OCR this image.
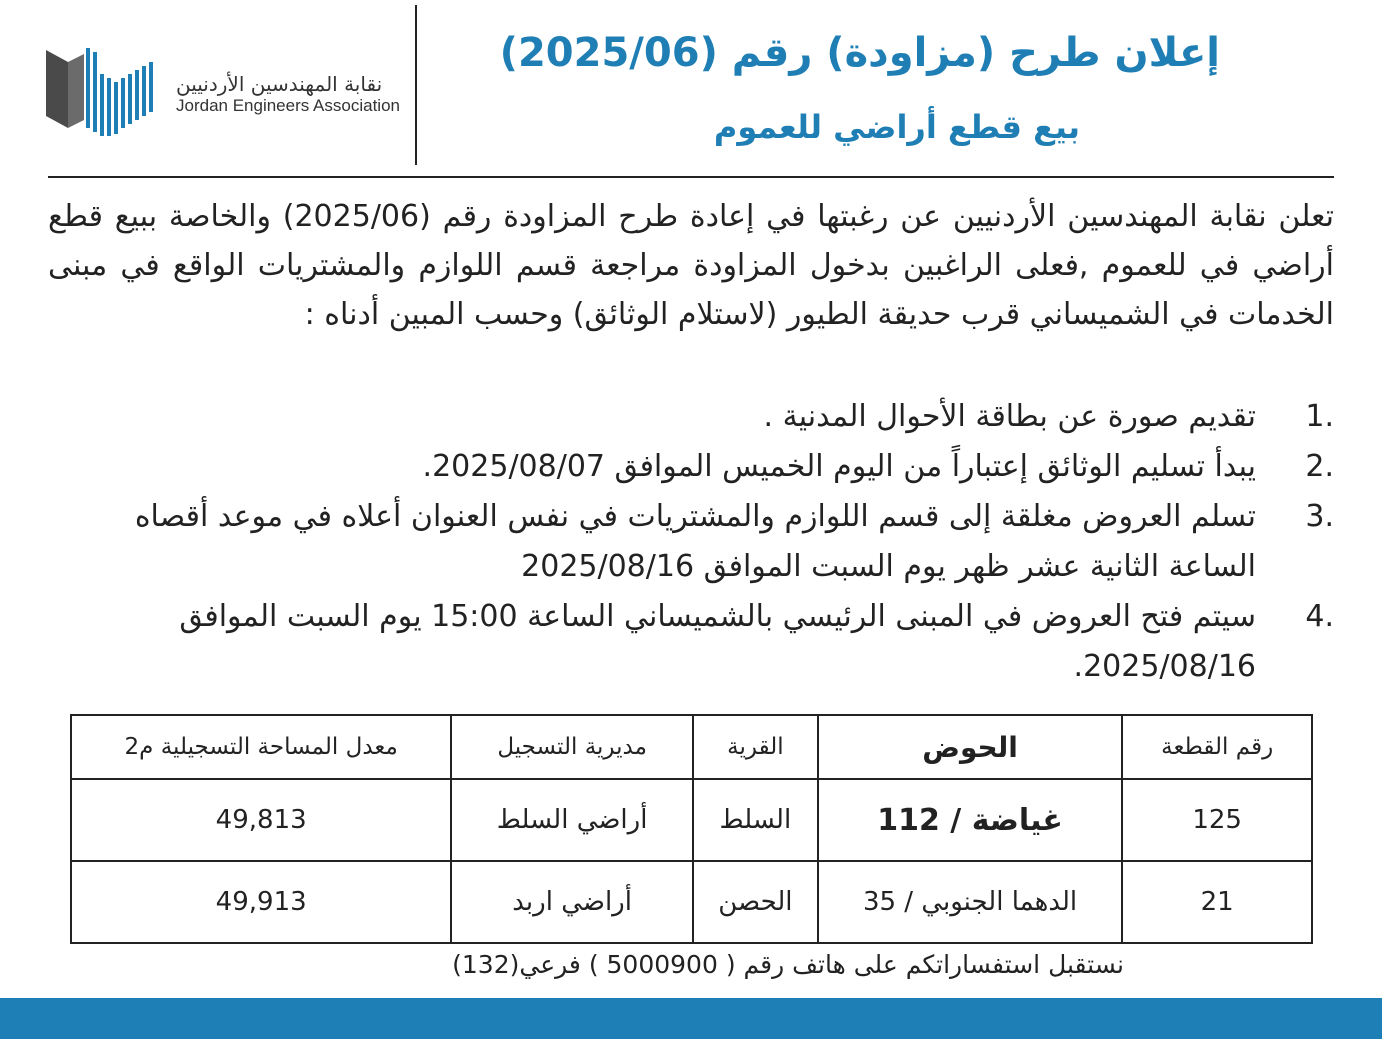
نقابة المهندسين الأردنيين
Jordan Engineers Association
إعلان طرح (مزاودة) رقم (2025/06)
بيع قطع أراضي للعموم
تعلن نقابة المهندسين الأردنيين عن رغبتها في إعادة طرح المزاودة رقم (2025/06) والخاصة ببيع قطع أراضي في للعموم ,فعلى الراغبين بدخول المزاودة مراجعة قسم اللوازم والمشتريات الواقع في مبنى الخدمات في الشميساني قرب حديقة الطيور (لاستلام الوثائق) وحسب المبين أدناه :
1.
تقديم صورة عن بطاقة الأحوال المدنية .
2.
يبدأ تسليم الوثائق إعتباراً من اليوم الخميس الموافق 2025/08/07.
3.
تسلم العروض مغلقة إلى قسم اللوازم والمشتريات في نفس العنوان أعلاه في موعد أقصاه الساعة الثانية عشر ظهر يوم السبت الموافق 2025/08/16
4.
سيتم فتح العروض في المبنى الرئيسي بالشميساني الساعة 15:00 يوم السبت الموافق 2025/08/16.
رقم القطعة	الحوض	القرية	مديرية التسجيل	معدل المساحة التسجيلية م2
125	غياضة / 112	السلط	أراضي السلط	49,813
21	الدهما الجنوبي / 35	الحصن	أراضي اربد	49,913
نستقبل استفساراتكم على هاتف رقم ( 5000900 ) فرعي(132)
